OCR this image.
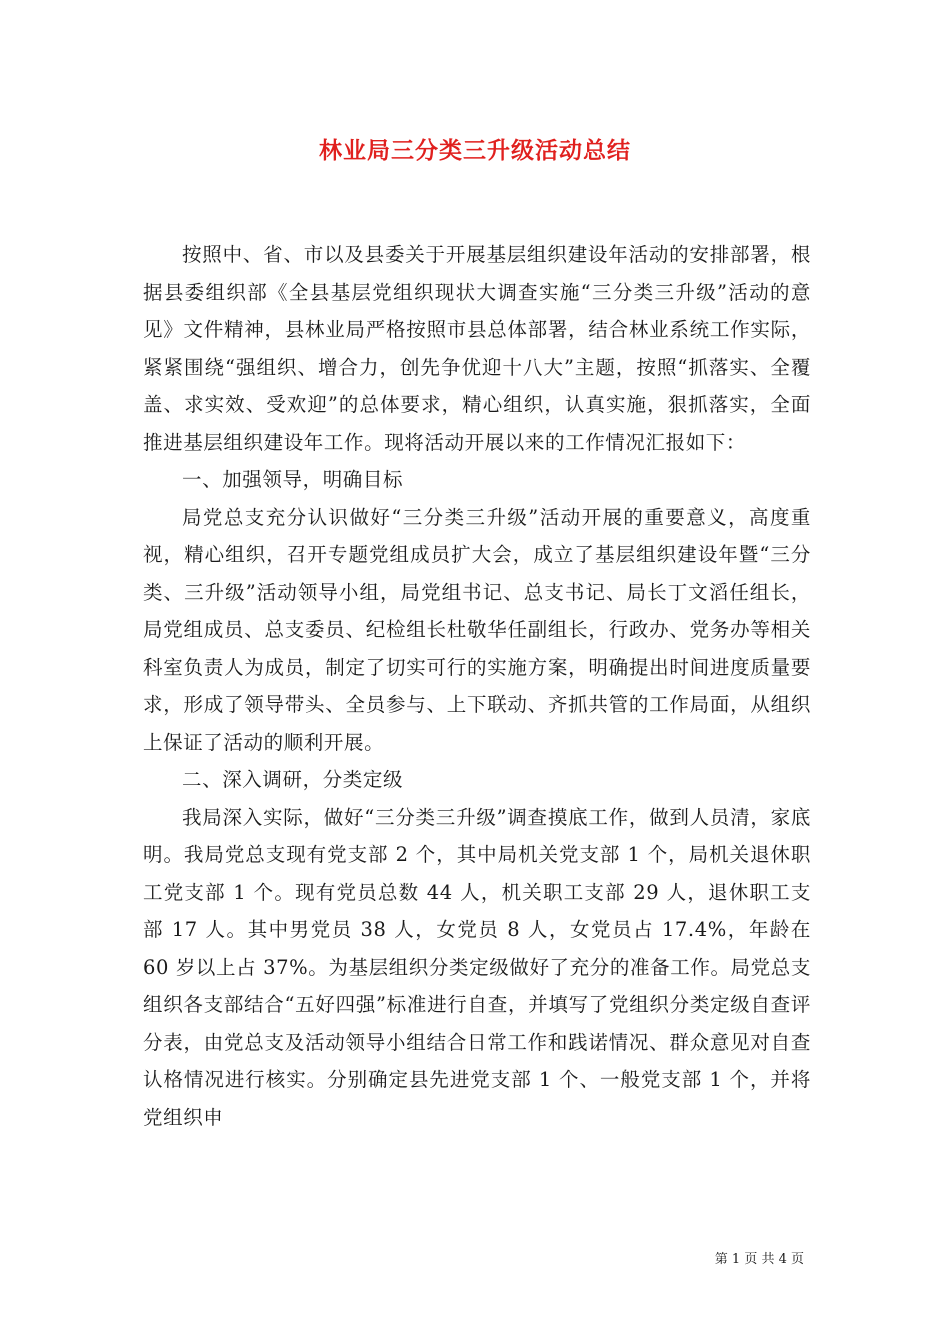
林业局三分类三升级活动总结

按照中、省、市以及县委关于开展基层组织建设年活动的安排部署，根据县委组织部《全县基层党组织现状大调查实施“三分类三升级”活动的意见》文件精神，县林业局严格按照市县总体部署，结合林业系统工作实际，紧紧围绕“强组织、增合力，创先争优迎十八大”主题，按照“抓落实、全覆盖、求实效、受欢迎”的总体要求，精心组织，认真实施，狠抓落实，全面推进基层组织建设年工作。现将活动开展以来的工作情况汇报如下：

一、加强领导，明确目标

局党总支充分认识做好“三分类三升级”活动开展的重要意义，高度重视，精心组织，召开专题党组成员扩大会，成立了基层组织建设年暨“三分类、三升级”活动领导小组，局党组书记、总支书记、局长丁文滔任组长，局党组成员、总支委员、纪检组长杜敬华任副组长，行政办、党务办等相关科室负责人为成员，制定了切实可行的实施方案，明确提出时间进度质量要求，形成了领导带头、全员参与、上下联动、齐抓共管的工作局面，从组织上保证了活动的顺利开展。

二、深入调研，分类定级

我局深入实际，做好“三分类三升级”调查摸底工作，做到人员清，家底明。我局党总支现有党支部 2 个，其中局机关党支部 1 个，局机关退休职工党支部 1 个。现有党员总数 44 人，机关职工支部 29 人，退休职工支部 17 人。其中男党员 38 人，女党员 8 人，女党员占 17.4%，年龄在 60 岁以上占 37%。为基层组织分类定级做好了充分的准备工作。局党总支组织各支部结合“五好四强”标准进行自查，并填写了党组织分类定级自查评分表，由党总支及活动领导小组结合日常工作和践诺情况、群众意见对自查认格情况进行核实。分别确定县先进党支部 1 个、一般党支部 1 个，并将党组织申

第 1 页 共 4 页
